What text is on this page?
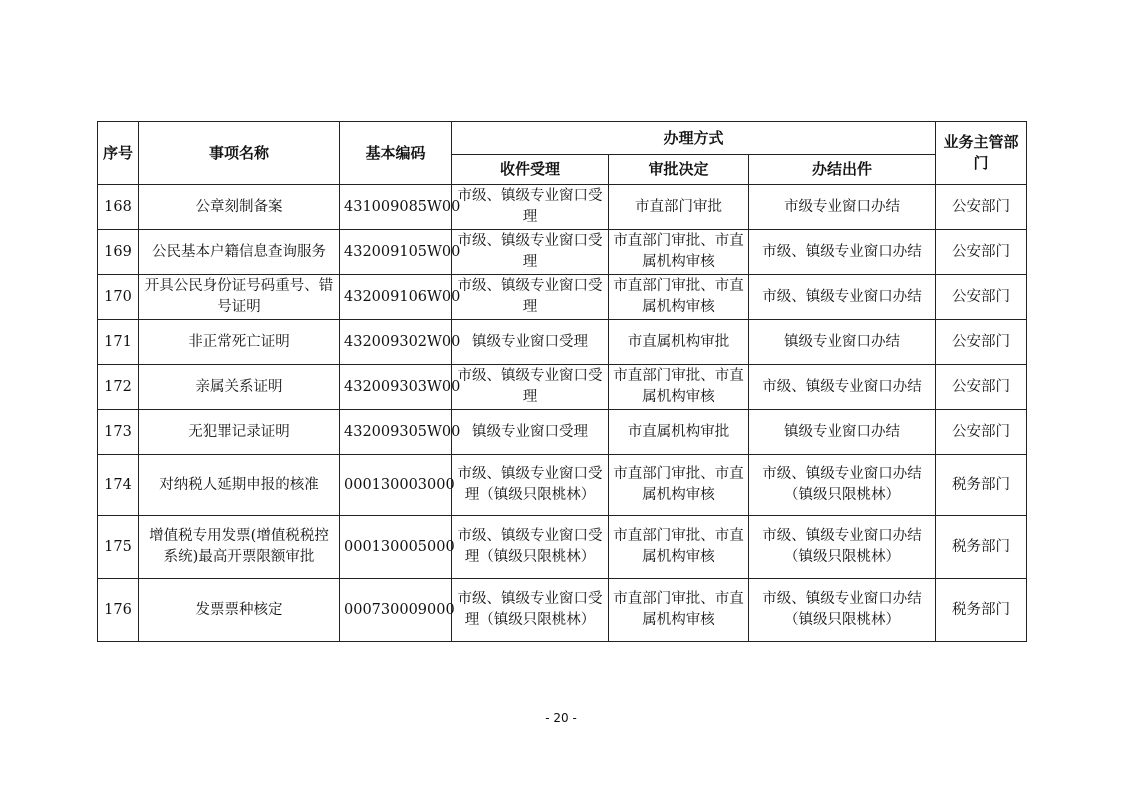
序号	事项名称	基本编码	办理方式			业务主管部门
			收件受理	审批决定	办结出件	
168	公章刻制备案	431009085W00	市级、镇级专业窗口受理	市直部门审批	市级专业窗口办结	公安部门
169	公民基本户籍信息查询服务	432009105W00	市级、镇级专业窗口受理	市直部门审批、市直属机构审核	市级、镇级专业窗口办结	公安部门
170	开具公民身份证号码重号、错号证明	432009106W00	市级、镇级专业窗口受理	市直部门审批、市直属机构审核	市级、镇级专业窗口办结	公安部门
171	非正常死亡证明	432009302W00	镇级专业窗口受理	市直属机构审批	镇级专业窗口办结	公安部门
172	亲属关系证明	432009303W00	市级、镇级专业窗口受理	市直部门审批、市直属机构审核	市级、镇级专业窗口办结	公安部门
173	无犯罪记录证明	432009305W00	镇级专业窗口受理	市直属机构审批	镇级专业窗口办结	公安部门
174	对纳税人延期申报的核准	000130003000	市级、镇级专业窗口受理（镇级只限桃林）	市直部门审批、市直属机构审核	市级、镇级专业窗口办结（镇级只限桃林）	税务部门
175	增值税专用发票(增值税税控系统)最高开票限额审批	000130005000	市级、镇级专业窗口受理（镇级只限桃林）	市直部门审批、市直属机构审核	市级、镇级专业窗口办结（镇级只限桃林）	税务部门
176	发票票种核定	000730009000	市级、镇级专业窗口受理（镇级只限桃林）	市直部门审批、市直属机构审核	市级、镇级专业窗口办结（镇级只限桃林）	税务部门
- 20 -
